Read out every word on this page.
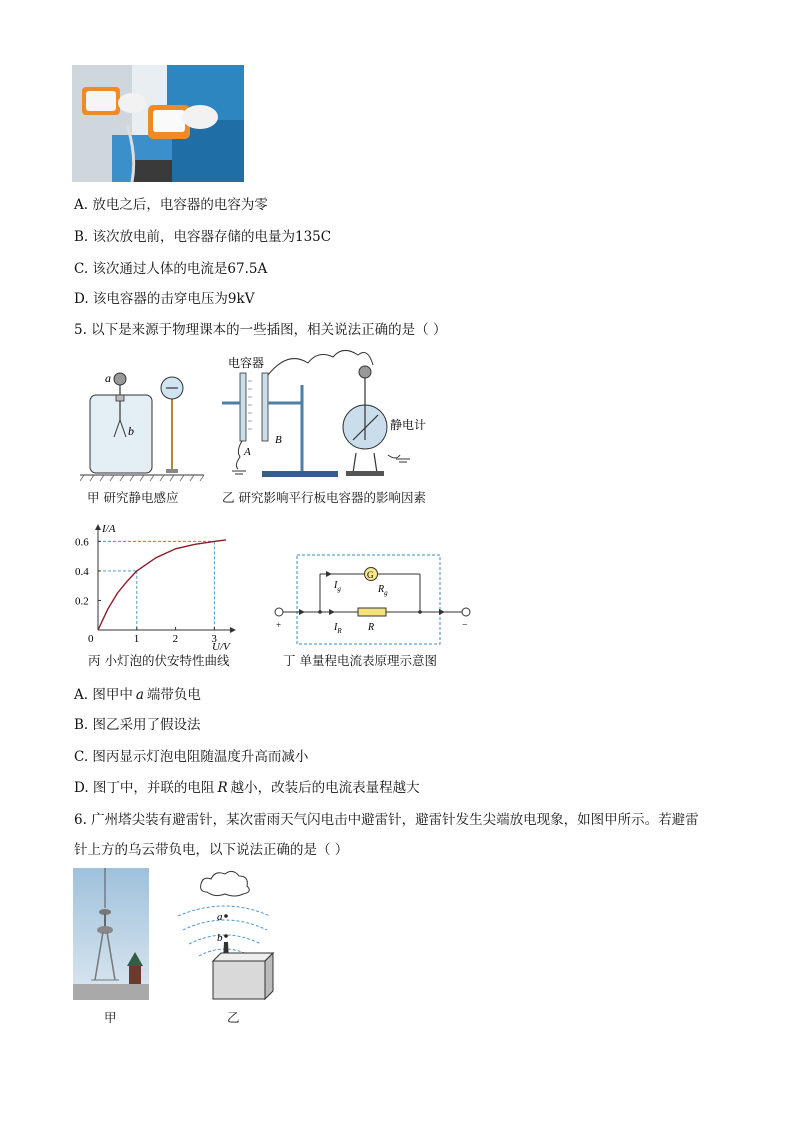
A. 放电之后，电容器的电容为零
B. 该次放电前，电容器存储的电量为135C
C. 该次通过人体的电流是67.5A
D. 该电容器的击穿电压为9kV
5. 以下是来源于物理课本的一些插图，相关说法正确的是（ ）
a
b
甲 研究静电感应
电容器
静电计
A
B
乙 研究影响平行板电容器的影响因素
0	1	2	3
0.2
0.4
0.6
I/A
U/V
丙 小灯泡的伏安特性曲线
G
$I_g$	$R_g$
$I_R$	R
+	−
丁 单量程电流表原理示意图
A. 图甲中 a 端带负电
B. 图乙采用了假设法
C. 图丙显示灯泡电阻随温度升高而减小
D. 图丁中，并联的电阻 R 越小，改装后的电流表量程越大
6. 广州塔尖装有避雷针，某次雷雨天气闪电击中避雷针，避雷针发生尖端放电现象，如图甲所示。若避雷
针上方的乌云带负电，以下说法正确的是（ ）
甲
a
b
乙
